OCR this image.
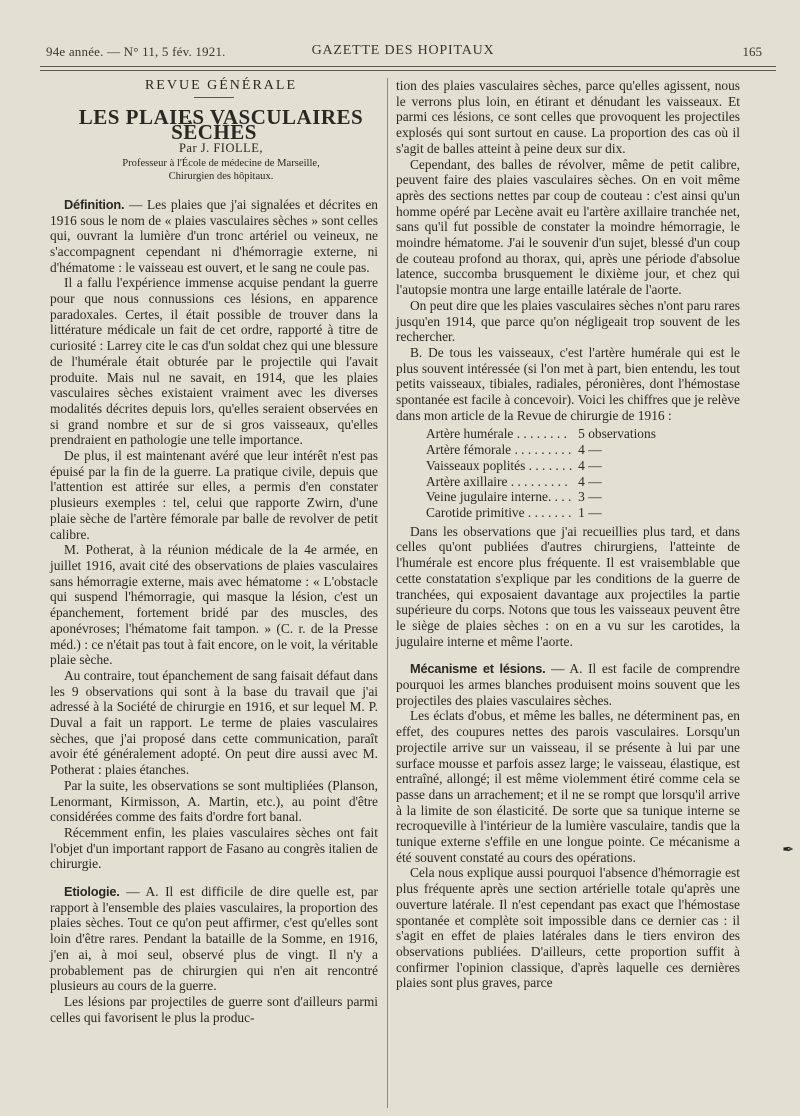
94e année. — N° 11, 5 fév. 1921.	GAZETTE DES HOPITAUX	165

REVUE GÉNÉRALE

LES PLAIES VASCULAIRES SÈCHES

Par J. FIOLLE,

Professeur à l'École de médecine de Marseille,

Chirurgien des hôpitaux.

Définition. — Les plaies que j'ai signalées et décrites en 1916 sous le nom de « plaies vasculaires sèches » sont celles qui, ouvrant la lumière d'un tronc artériel ou veineux, ne s'accompagnent cependant ni d'hémorragie externe, ni d'hématome : le vaisseau est ouvert, et le sang ne coule pas.

Il a fallu l'expérience immense acquise pendant la guerre pour que nous connussions ces lésions, en apparence paradoxales. Certes, il était possible de trouver dans la littérature médicale un fait de cet ordre, rapporté à titre de curiosité : Larrey cite le cas d'un soldat chez qui une blessure de l'humérale était obturée par le projectile qui l'avait produite. Mais nul ne savait, en 1914, que les plaies vasculaires sèches existaient vraiment avec les diverses modalités décrites depuis lors, qu'elles seraient observées en si grand nombre et sur de si gros vaisseaux, qu'elles prendraient en pathologie une telle importance.

De plus, il est maintenant avéré que leur intérêt n'est pas épuisé par la fin de la guerre. La pratique civile, depuis que l'attention est attirée sur elles, a permis d'en constater plusieurs exemples : tel, celui que rapporte Zwirn, d'une plaie sèche de l'artère fémorale par balle de revolver de petit calibre.

M. Potherat, à la réunion médicale de la 4e armée, en juillet 1916, avait cité des observations de plaies vasculaires sans hémorragie externe, mais avec hématome : « L'obstacle qui suspend l'hémorragie, qui masque la lésion, c'est un épanchement, fortement bridé par des muscles, des aponévroses; l'hématome fait tampon. » (C. r. de la Presse méd.) : ce n'était pas tout à fait encore, on le voit, la véritable plaie sèche.

Au contraire, tout épanchement de sang faisait défaut dans les 9 observations qui sont à la base du travail que j'ai adressé à la Société de chirurgie en 1916, et sur lequel M. P. Duval a fait un rapport. Le terme de plaies vasculaires sèches, que j'ai proposé dans cette communication, paraît avoir été généralement adopté. On peut dire aussi avec M. Potherat : plaies étanches.

Par la suite, les observations se sont multipliées (Planson, Lenormant, Kirmisson, A. Martin, etc.), au point d'être considérées comme des faits d'ordre fort banal.

Récemment enfin, les plaies vasculaires sèches ont fait l'objet d'un important rapport de Fasano au congrès italien de chirurgie.

Etiologie. — A. Il est difficile de dire quelle est, par rapport à l'ensemble des plaies vasculaires, la proportion des plaies sèches. Tout ce qu'on peut affirmer, c'est qu'elles sont loin d'être rares. Pendant la bataille de la Somme, en 1916, j'en ai, à moi seul, observé plus de vingt. Il n'y a probablement pas de chirurgien qui n'en ait rencontré plusieurs au cours de la guerre.

Les lésions par projectiles de guerre sont d'ailleurs parmi celles qui favorisent le plus la produc-

tion des plaies vasculaires sèches, parce qu'elles agissent, nous le verrons plus loin, en étirant et dénudant les vaisseaux. Et parmi ces lésions, ce sont celles que provoquent les projectiles explosés qui sont surtout en cause. La proportion des cas où il s'agit de balles atteint à peine deux sur dix.

Cependant, des balles de révolver, même de petit calibre, peuvent faire des plaies vasculaires sèches. On en voit même après des sections nettes par coup de couteau : c'est ainsi qu'un homme opéré par Lecène avait eu l'artère axillaire tranchée net, sans qu'il fut possible de constater la moindre hémorragie, le moindre hématome. J'ai le souvenir d'un sujet, blessé d'un coup de couteau profond au thorax, qui, après une période d'absolue latence, succomba brusquement le dixième jour, et chez qui l'autopsie montra une large entaille latérale de l'aorte.

On peut dire que les plaies vasculaires sèches n'ont paru rares jusqu'en 1914, que parce qu'on négligeait trop souvent de les rechercher.

B. De tous les vaisseaux, c'est l'artère humérale qui est le plus souvent intéressée (si l'on met à part, bien entendu, les tout petits vaisseaux, tibiales, radiales, péronières, dont l'hémostase spontanée est facile à concevoir). Voici les chiffres que je relève dans mon article de la Revue de chirurgie de 1916 :

Artère humérale . . . . . . . .	5 observations
Artère fémorale . . . . . . . . .	4 —
Vaisseaux poplités . . . . . . .	4 —
Artère axillaire . . . . . . . . .	4 —
Veine jugulaire interne. . . .	3 —
Carotide primitive . . . . . . .	1 —

Dans les observations que j'ai recueillies plus tard, et dans celles qu'ont publiées d'autres chirurgiens, l'atteinte de l'humérale est encore plus fréquente. Il est vraisemblable que cette constatation s'explique par les conditions de la guerre de tranchées, qui exposaient davantage aux projectiles la partie supérieure du corps. Notons que tous les vaisseaux peuvent être le siège de plaies sèches : on en a vu sur les carotides, la jugulaire interne et même l'aorte.

Mécanisme et lésions. — A. Il est facile de comprendre pourquoi les armes blanches produisent moins souvent que les projectiles des plaies vasculaires sèches.

Les éclats d'obus, et même les balles, ne déterminent pas, en effet, des coupures nettes des parois vasculaires. Lorsqu'un projectile arrive sur un vaisseau, il se présente à lui par une surface mousse et parfois assez large; le vaisseau, élastique, est entraîné, allongé; il est même violemment étiré comme cela se passe dans un arrachement; et il ne se rompt que lorsqu'il arrive à la limite de son élasticité. De sorte que sa tunique interne se recroqueville à l'intérieur de la lumière vasculaire, tandis que la tunique externe s'effile en une longue pointe. Ce mécanisme a été souvent constaté au cours des opérations.

Cela nous explique aussi pourquoi l'absence d'hémorragie est plus fréquente après une section artérielle totale qu'après une ouverture latérale. Il n'est cependant pas exact que l'hémostase spontanée et complète soit impossible dans ce dernier cas : il s'agit en effet de plaies latérales dans le tiers environ des observations publiées. D'ailleurs, cette proportion suffit à confirmer l'opinion classique, d'après laquelle ces dernières plaies sont plus graves, parce

✒
